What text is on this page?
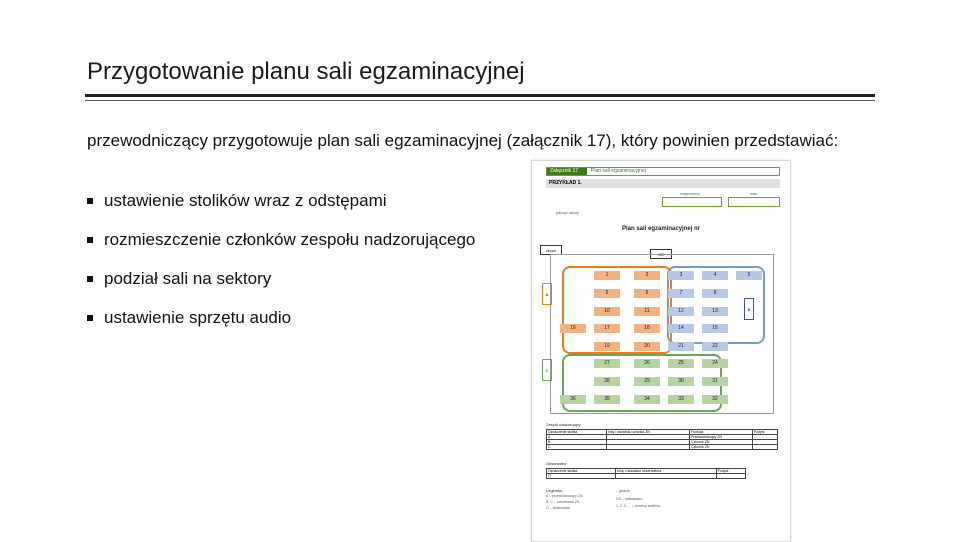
Przygotowanie planu sali egzaminacyjnej
przewodniczący przygotowuje plan sali egzaminacyjnej (załącznik 17), który powinien przedstawiać:
ustawienie stolików wraz z odstępami
rozmieszczenie członków zespołu nadzorującego
podział sali na sektory
ustawienie sprzętu audio
Załącznik 17	Plan sali egzaminacyjnej
PRZYKŁAD 1.
miejscowość	data
pieczęć szkoły
Plan sali egzaminacyjnej nr
drzwi
CD
A
B
C
1	2
5	6
10	11
16	17	18
19	20
3	4	5
7	8
12	13
14	15
21	22
27	26	25	24
28	29	30	31
36	35	34	33	32
Zespół nadzorujący
Oznaczenie stolika	Imię i nazwisko członka ZN	Funkcja	Podpis
A		Przewodniczący ZN	
B		Członek ZN	
C		Członek ZN	
Obserwator
Oznaczenie stolika	Imię i nazwisko obserwatora	Podpis
O		
Legenda:
A – przewodniczący ZN
B, C – członkowie ZN
O – obserwator
– głośnik
CD – odtwarzacz
1, 2, 3, … – numery stolików
